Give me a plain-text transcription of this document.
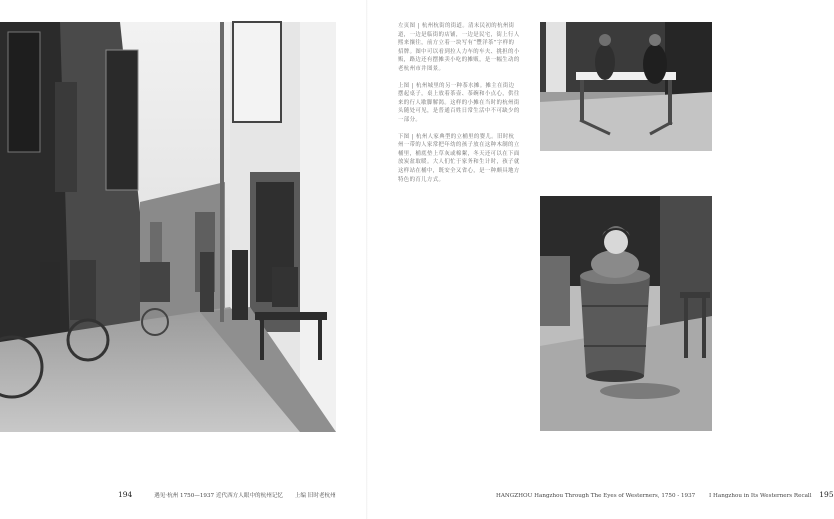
左页图 | 杭州杭街的街道。清末民初的杭州街道，一边是临街的店铺，一边是民宅，街上行人熙来攘往，前方立着一块写有“豐洋茶”字样的招牌。图中可以看到拉人力车的车夫、挑担的小贩，路边还有摆摊卖小吃的摊贩，是一幅生动的老杭州市井图景。

上图 | 杭州城里的另一种茶水摊。摊主在街边摆起桌子，桌上放着茶壶、茶碗和小点心，供往来的行人歇脚解渴。这样的小摊在当时的杭州街头随处可见，是普通百姓日常生活中不可缺少的一部分。

下图 | 杭州人家典型的立桶里的婴儿。旧时杭州一带的人家常把年幼的孩子放在这种木制的立桶里，桶底垫上草灰或棉絮，冬天还可以在下面放炭盆取暖。大人们忙于家务和生计时，孩子就这样站在桶中，既安全又省心，是一种颇具地方特色的育儿方式。

194	遇见·杭州 1750—1937 近代西方人眼中的杭州记忆 上编 旧时老杭州	HANGZHOU Hangzhou Through The Eyes of Westerners, 1750 - 1937 I Hangzhou in Its Westerners Recall 195
